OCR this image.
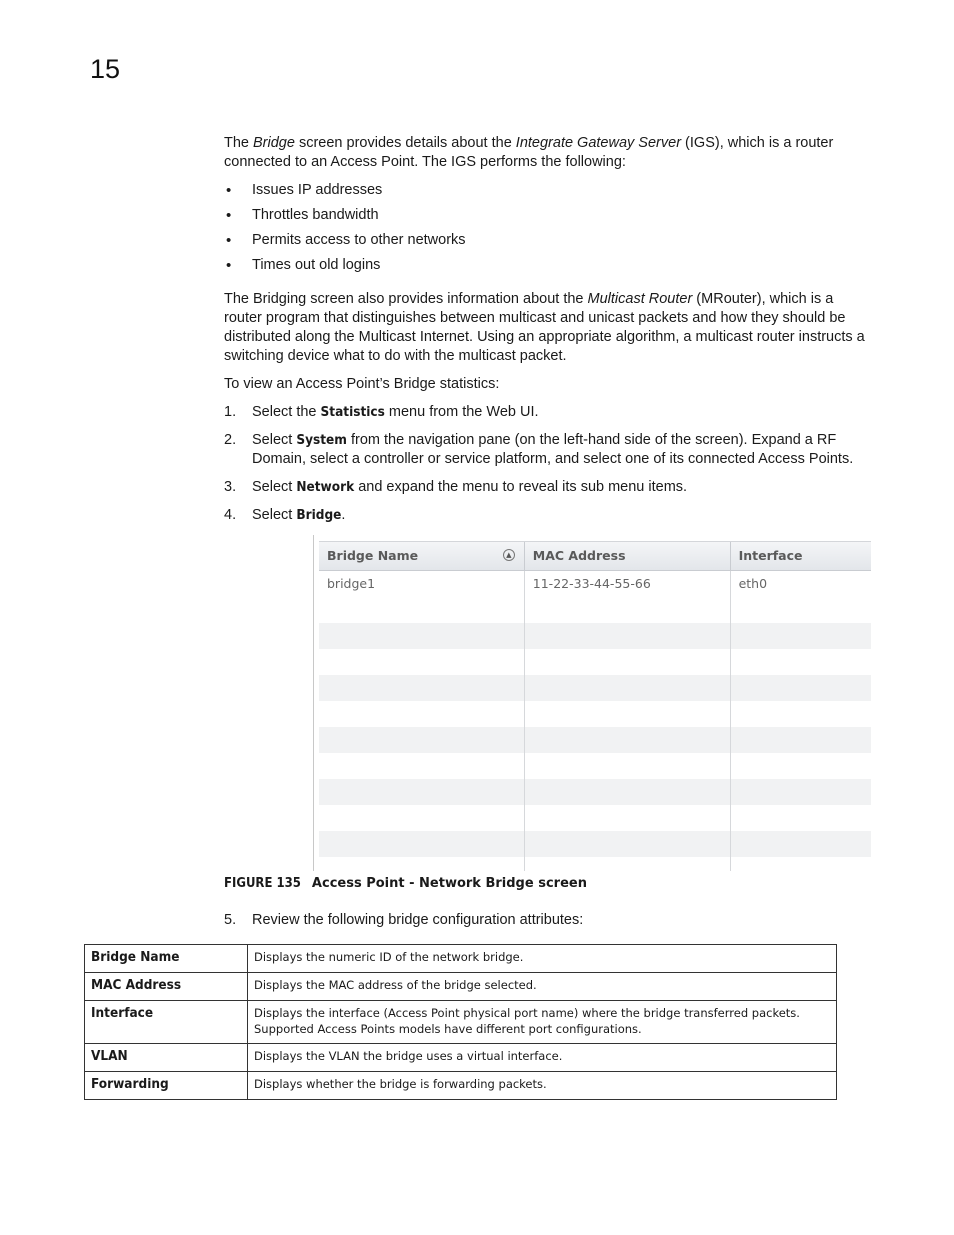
15

The Bridge screen provides details about the Integrate Gateway Server (IGS), which is a router connected to an Access Point. The IGS performs the following:

• Issues IP addresses
• Throttles bandwidth
• Permits access to other networks
• Times out old logins

The Bridging screen also provides information about the Multicast Router (MRouter), which is a router program that distinguishes between multicast and unicast packets and how they should be distributed along the Multicast Internet. Using an appropriate algorithm, a multicast router instructs a switching device what to do with the multicast packet.

To view an Access Point’s Bridge statistics:

1. Select the Statistics menu from the Web UI.
2. Select System from the navigation pane (on the left-hand side of the screen). Expand a RF Domain, select a controller or service platform, and select one of its connected Access Points.
3. Select Network and expand the menu to reveal its sub menu items.
4. Select Bridge.
Bridge Name	▲	MAC Address	Interface
bridge1	11-22-33-44-55-66	eth0
FIGURE 135 Access Point - Network Bridge screen
5. Review the following bridge configuration attributes:
Bridge Name	Displays the numeric ID of the network bridge.
MAC Address	Displays the MAC address of the bridge selected.
Interface	Displays the interface (Access Point physical port name) where the bridge transferred packets. Supported Access Points models have different port configurations.
VLAN	Displays the VLAN the bridge uses a virtual interface.
Forwarding	Displays whether the bridge is forwarding packets.
